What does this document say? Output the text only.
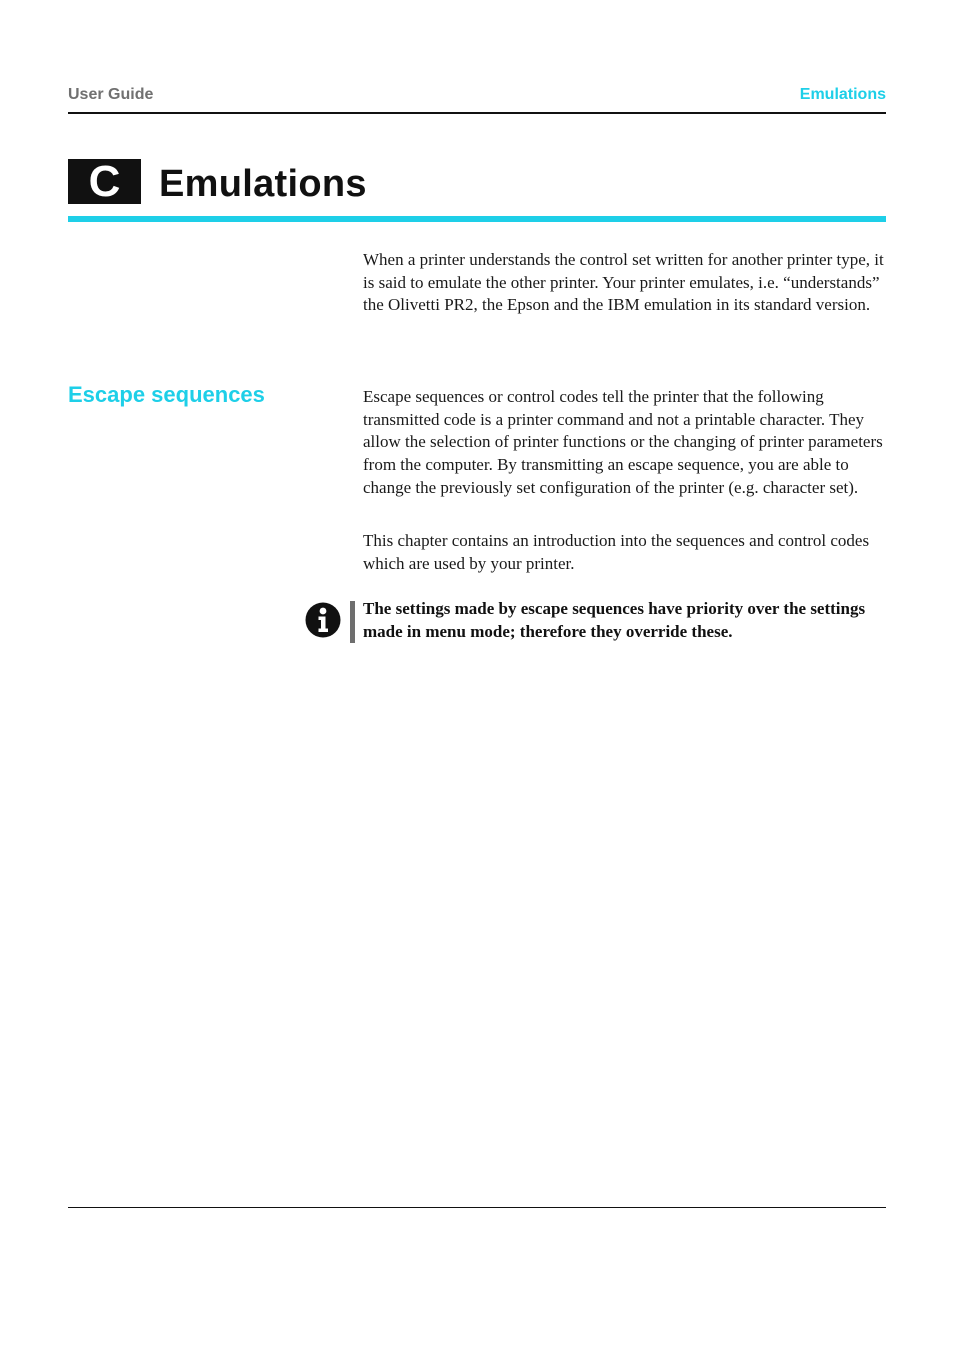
User Guide	Emulations
C	Emulations

When a printer understands the control set written for another printer type, it is said to emulate the other printer. Your printer emulates, i.e. “understands” the Olivetti PR2, the Epson and the IBM emulation in its standard version.

Escape sequences	Escape sequences or control codes tell the printer that the following transmitted code is a printer command and not a printable character. They allow the selection of printer functions or the changing of printer parameters from the computer. By transmitting an escape sequence, you are able to change the previously set configuration of the printer (e.g. character set).

This chapter contains an introduction into the sequences and control codes which are used by your printer.

The settings made by escape sequences have priority over the settings made in menu mode; therefore they override these.
